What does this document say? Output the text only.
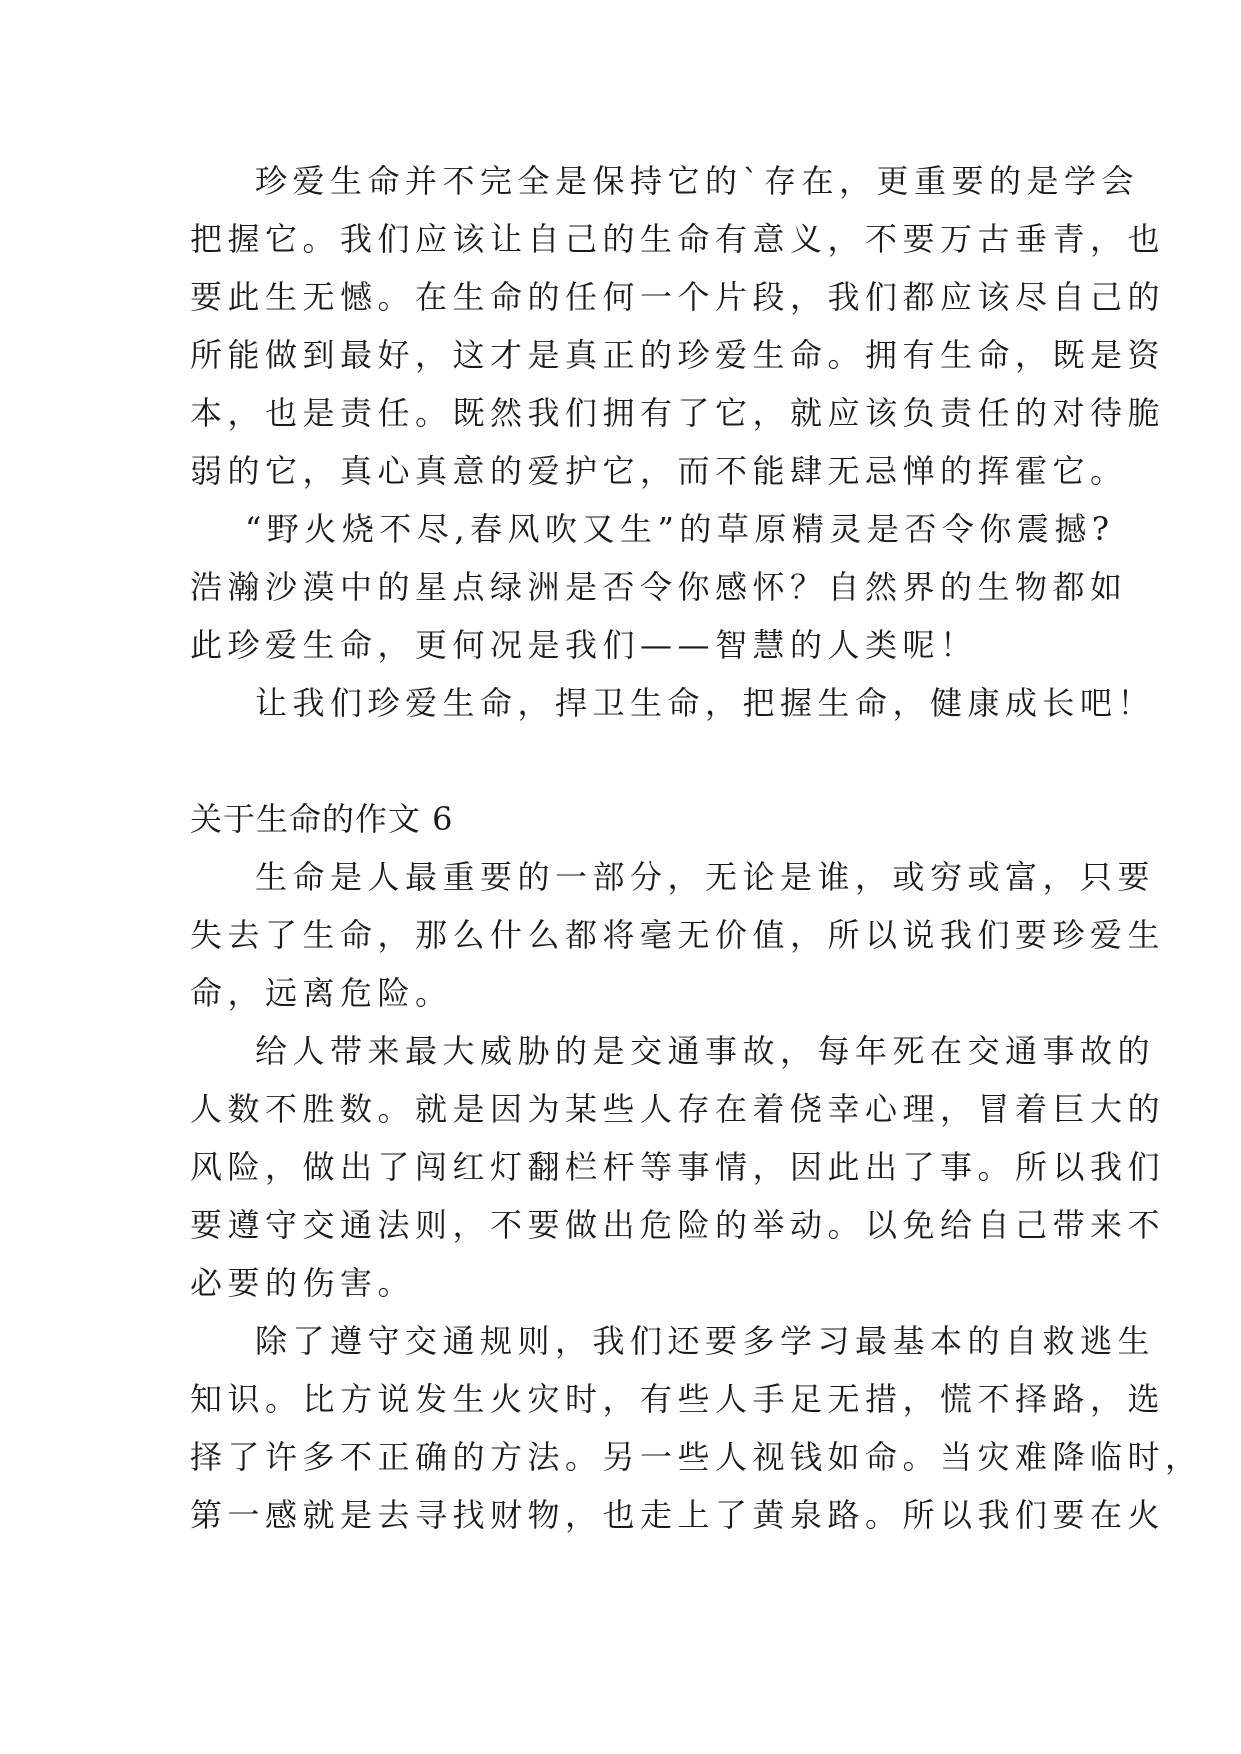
珍爱生命并不完全是保持它的`存在，更重要的是学会
把握它。我们应该让自己的生命有意义，不要万古垂青，也
要此生无憾。在生命的任何一个片段，我们都应该尽自己的
所能做到最好，这才是真正的珍爱生命。拥有生命，既是资
本，也是责任。既然我们拥有了它，就应该负责任的对待脆
弱的它，真心真意的爱护它，而不能肆无忌惮的挥霍它。
“野火烧不尽,春风吹又生”的草原精灵是否令你震撼?
浩瀚沙漠中的星点绿洲是否令你感怀？自然界的生物都如
此珍爱生命，更何况是我们——智慧的人类呢！
让我们珍爱生命，捍卫生命，把握生命，健康成长吧！
关于生命的作文 6
生命是人最重要的一部分，无论是谁，或穷或富，只要
失去了生命，那么什么都将毫无价值，所以说我们要珍爱生
命，远离危险。
给人带来最大威胁的是交通事故，每年死在交通事故的
人数不胜数。就是因为某些人存在着侥幸心理，冒着巨大的
风险，做出了闯红灯翻栏杆等事情，因此出了事。所以我们
要遵守交通法则，不要做出危险的举动。以免给自己带来不
必要的伤害。
除了遵守交通规则，我们还要多学习最基本的自救逃生
知识。比方说发生火灾时，有些人手足无措，慌不择路，选
择了许多不正确的方法。另一些人视钱如命。当灾难降临时，
第一感就是去寻找财物，也走上了黄泉路。所以我们要在火
